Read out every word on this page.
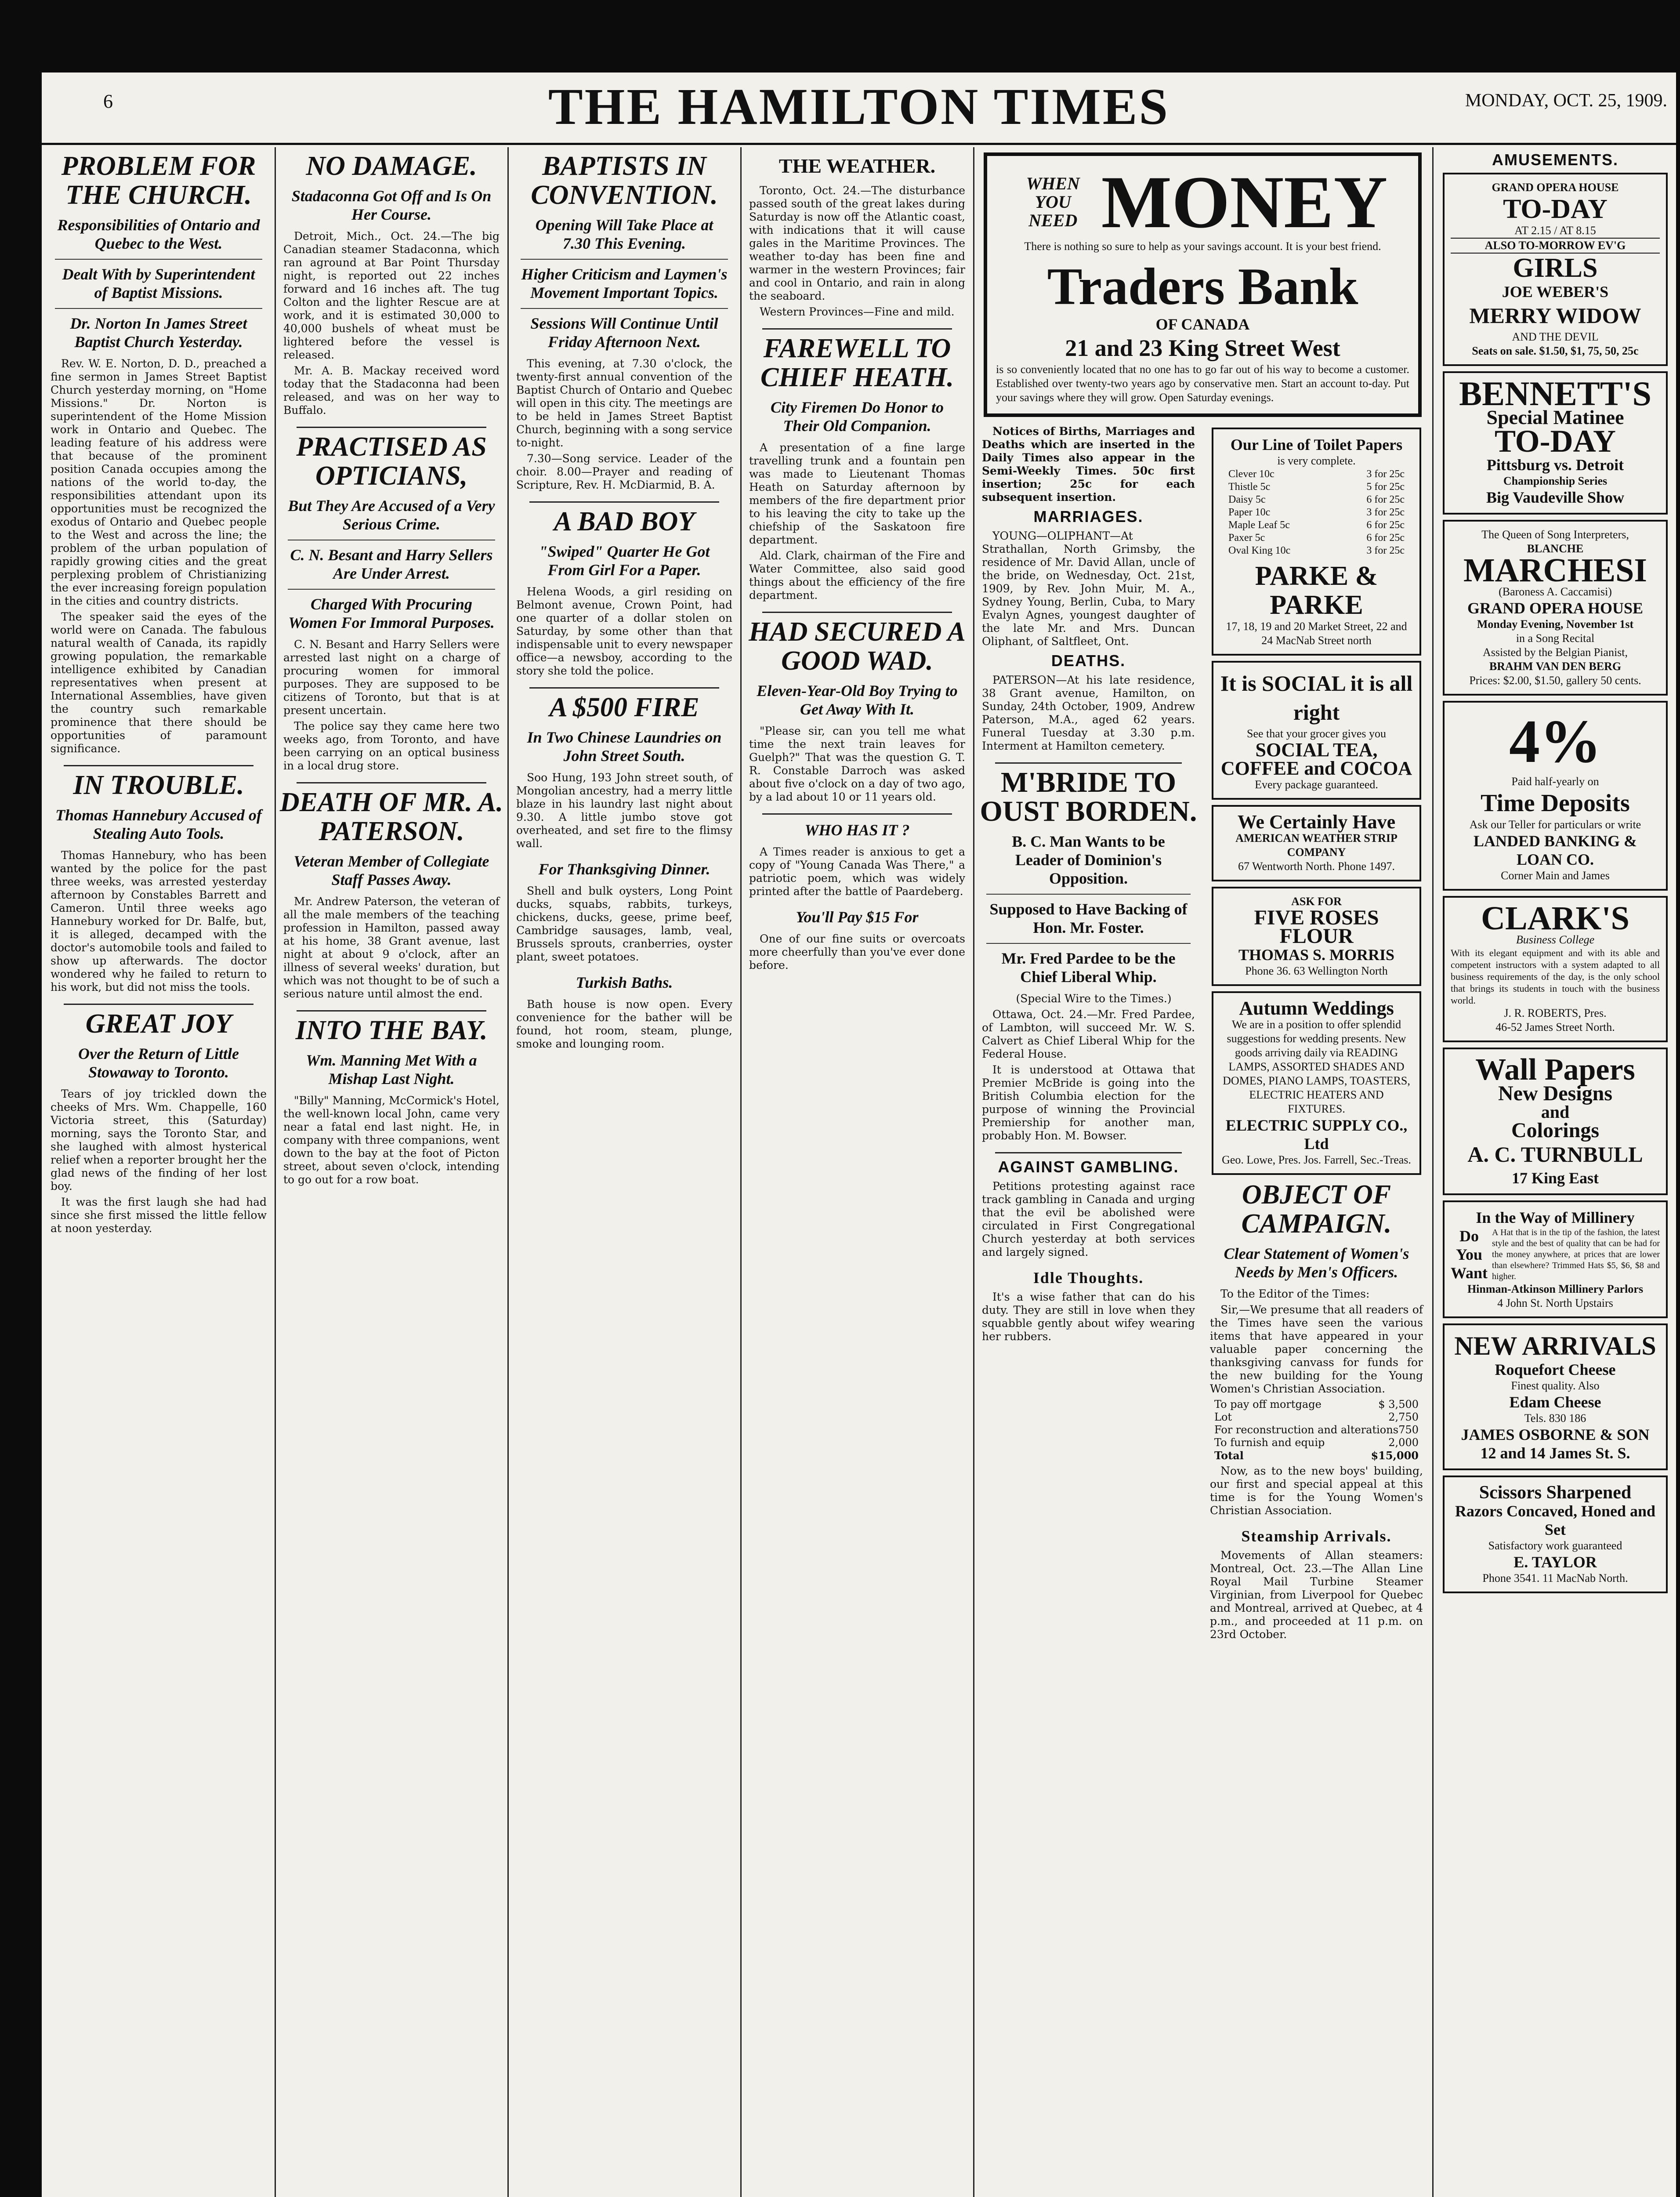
6	THE HAMILTON TIMES	MONDAY, OCT. 25, 1909.
PROBLEM FOR THE CHURCH.
Responsibilities of Ontario and Quebec to the West.
Dealt With by Superintendent of Baptist Missions.
Dr. Norton In James Street Baptist Church Yesterday.

Rev. W. E. Norton, D. D., preached a fine sermon in James Street Baptist Church yesterday morning, on "Home Missions." Dr. Norton is superintendent of the Home Mission work in Ontario and Quebec. The leading feature of his address were that because of the prominent position Canada occupies among the nations of the world to-day, the responsibilities attendant upon its opportunities must be recognized the exodus of Ontario and Quebec people to the West and across the line; the problem of the urban population of rapidly growing cities and the great perplexing problem of Christianizing the ever increasing foreign population in the cities and country districts.

The speaker said the eyes of the world were on Canada. The fabulous natural wealth of Canada, its rapidly growing population, the remarkable intelligence exhibited by Canadian representatives when present at International Assemblies, have given the country such remarkable prominence that there should be opportunities of paramount significance.

IN TROUBLE.
Thomas Hannebury Accused of Stealing Auto Tools.

Thomas Hannebury, who has been wanted by the police for the past three weeks, was arrested yesterday afternoon by Constables Barrett and Cameron. Until three weeks ago Hannebury worked for Dr. Balfe, but, it is alleged, decamped with the doctor's automobile tools and failed to show up afterwards. The doctor wondered why he failed to return to his work, but did not miss the tools.

GREAT JOY
Over the Return of Little Stowaway to Toronto.

Tears of joy trickled down the cheeks of Mrs. Wm. Chappelle, 160 Victoria street, this (Saturday) morning, says the Toronto Star, and she laughed with almost hysterical relief when a reporter brought her the glad news of the finding of her lost boy.

It was the first laugh she had had since she first missed the little fellow at noon yesterday.

NO DAMAGE.
Stadaconna Got Off and Is On Her Course.

Detroit, Mich., Oct. 24.—The big Canadian steamer Stadaconna, which ran aground at Bar Point Thursday night, is reported out 22 inches forward and 16 inches aft. The tug Colton and the lighter Rescue are at work, and it is estimated 30,000 to 40,000 bushels of wheat must be lightered before the vessel is released.

Mr. A. B. Mackay received word today that the Stadaconna had been released, and was on her way to Buffalo.

PRACTISED AS OPTICIANS,
But They Are Accused of a Very Serious Crime.
C. N. Besant and Harry Sellers Are Under Arrest.
Charged With Procuring Women For Immoral Purposes.

C. N. Besant and Harry Sellers were arrested last night on a charge of procuring women for immoral purposes. They are supposed to be citizens of Toronto, but that is at present uncertain.

The police say they came here two weeks ago, from Toronto, and have been carrying on an optical business in a local drug store.

DEATH OF MR. A. PATERSON.
Veteran Member of Collegiate Staff Passes Away.

Mr. Andrew Paterson, the veteran of all the male members of the teaching profession in Hamilton, passed away at his home, 38 Grant avenue, last night at about 9 o'clock, after an illness of several weeks' duration, but which was not thought to be of such a serious nature until almost the end.

INTO THE BAY.
Wm. Manning Met With a Mishap Last Night.

"Billy" Manning, McCormick's Hotel, the well-known local John, came very near a fatal end last night. He, in company with three companions, went down to the bay at the foot of Picton street, about seven o'clock, intending to go out for a row boat.

BAPTISTS IN CONVENTION.
Opening Will Take Place at 7.30 This Evening.
Higher Criticism and Laymen's Movement Important Topics.
Sessions Will Continue Until Friday Afternoon Next.

This evening, at 7.30 o'clock, the twenty-first annual convention of the Baptist Church of Ontario and Quebec will open in this city. The meetings are to be held in James Street Baptist Church, beginning with a song service to-night.

7.30—Song service. Leader of the choir. 8.00—Prayer and reading of Scripture, Rev. H. McDiarmid, B. A.

A BAD BOY
"Swiped" Quarter He Got From Girl For a Paper.

Helena Woods, a girl residing on Belmont avenue, Crown Point, had one quarter of a dollar stolen on Saturday, by some other than that indispensable unit to every newspaper office—a newsboy, according to the story she told the police.

A $500 FIRE
In Two Chinese Laundries on John Street South.

Soo Hung, 193 John street south, of Mongolian ancestry, had a merry little blaze in his laundry last night about 9.30. A little jumbo stove got overheated, and set fire to the flimsy wall.

For Thanksgiving Dinner.

Shell and bulk oysters, Long Point ducks, squabs, rabbits, turkeys, chickens, ducks, geese, prime beef, Cambridge sausages, lamb, veal, Brussels sprouts, cranberries, oyster plant, sweet potatoes.

Turkish Baths.

Bath house is now open. Every convenience for the bather will be found, hot room, steam, plunge, smoke and lounging room.

THE WEATHER.

Toronto, Oct. 24.—The disturbance passed south of the great lakes during Saturday is now off the Atlantic coast, with indications that it will cause gales in the Maritime Provinces. The weather to-day has been fine and warmer in the western Provinces; fair and cool in Ontario, and rain in along the seaboard.

Western Provinces—Fine and mild.

FAREWELL TO CHIEF HEATH.
City Firemen Do Honor to Their Old Companion.

A presentation of a fine large travelling trunk and a fountain pen was made to Lieutenant Thomas Heath on Saturday afternoon by members of the fire department prior to his leaving the city to take up the chiefship of the Saskatoon fire department.

Ald. Clark, chairman of the Fire and Water Committee, also said good things about the efficiency of the fire department.

HAD SECURED A GOOD WAD.
Eleven-Year-Old Boy Trying to Get Away With It.

"Please sir, can you tell me what time the next train leaves for Guelph?" That was the question G. T. R. Constable Darroch was asked about five o'clock on a day of two ago, by a lad about 10 or 11 years old.

WHO HAS IT ?

A Times reader is anxious to get a copy of "Young Canada Was There," a patriotic poem, which was widely printed after the battle of Paardeberg.

You'll Pay $15 For

One of our fine suits or overcoats more cheerfully than you've ever done before.

WHEN YOU NEED MONEY
There is nothing so sure to help as your savings account. It is your best friend.
Traders Bank
OF CANADA
21 and 23 King Street West
is so conveniently located that no one has to go far out of his way to become a customer. Established over twenty-two years ago by conservative men. Start an account to-day. Put your savings where they will grow. Open Saturday evenings.

Notices of Births, Marriages and Deaths which are inserted in the Daily Times also appear in the Semi-Weekly Times. 50c first insertion; 25c for each subsequent insertion.

MARRIAGES.

YOUNG—OLIPHANT—At Strathallan, North Grimsby, the residence of Mr. David Allan, uncle of the bride, on Wednesday, Oct. 21st, 1909, by Rev. John Muir, M. A., Sydney Young, Berlin, Cuba, to Mary Evalyn Agnes, youngest daughter of the late Mr. and Mrs. Duncan Oliphant, of Saltfleet, Ont.

DEATHS.

PATERSON—At his late residence, 38 Grant avenue, Hamilton, on Sunday, 24th October, 1909, Andrew Paterson, M.A., aged 62 years. Funeral Tuesday at 3.30 p.m. Interment at Hamilton cemetery.

M'BRIDE TO OUST BORDEN.
B. C. Man Wants to be Leader of Dominion's Opposition.
Supposed to Have Backing of Hon. Mr. Foster.
Mr. Fred Pardee to be the Chief Liberal Whip.

(Special Wire to the Times.)

Ottawa, Oct. 24.—Mr. Fred Pardee, of Lambton, will succeed Mr. W. S. Calvert as Chief Liberal Whip for the Federal House.

It is understood at Ottawa that Premier McBride is going into the British Columbia election for the purpose of winning the Provincial Premiership for another man, probably Hon. M. Bowser.

AGAINST GAMBLING.

Petitions protesting against race track gambling in Canada and urging that the evil be abolished were circulated in First Congregational Church yesterday at both services and largely signed.

Idle Thoughts.

It's a wise father that can do his duty. They are still in love when they squabble gently about wifey wearing her rubbers.

Our Line of Toilet Papers
is very complete.
Clever 10c	3 for 25c
Thistle 5c	5 for 25c
Daisy 5c	6 for 25c
Paper 10c	3 for 25c
Maple Leaf 5c	6 for 25c
Paxer 5c	6 for 25c
Oval King 10c	3 for 25c
PARKE & PARKE
17, 18, 19 and 20 Market Street, 22 and 24 MacNab Street north
It is SOCIAL it is all right
See that your grocer gives you
SOCIAL TEA, COFFEE and COCOA
Every package guaranteed.
We Certainly Have
AMERICAN WEATHER STRIP COMPANY
67 Wentworth North. Phone 1497.
ASK FOR
FIVE ROSES FLOUR
THOMAS S. MORRIS
Phone 36. 63 Wellington North
Autumn Weddings
We are in a position to offer splendid suggestions for wedding presents. New goods arriving daily via READING LAMPS, ASSORTED SHADES AND DOMES, PIANO LAMPS, TOASTERS, ELECTRIC HEATERS AND FIXTURES.
ELECTRIC SUPPLY CO., Ltd
Geo. Lowe, Pres. Jos. Farrell, Sec.-Treas.
OBJECT OF CAMPAIGN.
Clear Statement of Women's Needs by Men's Officers.

To the Editor of the Times:

Sir,—We presume that all readers of the Times have seen the various items that have appeared in your valuable paper concerning the thanksgiving canvass for funds for the new building for the Young Women's Christian Association.

To pay off mortgage	$ 3,500
Lot	2,750
For reconstruction and alterations 750
To furnish and equip	2,000
Total	$15,000

Now, as to the new boys' building, our first and special appeal at this time is for the Young Women's Christian Association.

Steamship Arrivals.

Movements of Allan steamers: Montreal, Oct. 23.—The Allan Line Royal Mail Turbine Steamer Virginian, from Liverpool for Quebec and Montreal, arrived at Quebec, at 4 p.m., and proceeded at 11 p.m. on 23rd October.

AMUSEMENTS.
GRAND OPERA HOUSE
TO-DAY
AT 2.15 / AT 8.15
ALSO TO-MORROW EV'G
GIRLS
JOE WEBER'S
MERRY WIDOW
AND THE DEVIL
Seats on sale. $1.50, $1, 75, 50, 25c
BENNETT'S
Special Matinee
TO-DAY
Pittsburg vs. Detroit
Championship Series
Big Vaudeville Show
The Queen of Song Interpreters,
BLANCHE
MARCHESI
(Baroness A. Caccamisi)
GRAND OPERA HOUSE
Monday Evening, November 1st
in a Song Recital
Assisted by the Belgian Pianist,
BRAHM VAN DEN BERG
Prices: $2.00, $1.50, gallery 50 cents.
4%
Paid half-yearly on
Time Deposits
Ask our Teller for particulars or write
LANDED BANKING & LOAN CO.
Corner Main and James
CLARK'S
Business College
With its elegant equipment and with its able and competent instructors with a system adapted to all business requirements of the day, is the only school that brings its students in touch with the business world.
J. R. ROBERTS, Pres.
46-52 James Street North.
Wall Papers
New Designs
and
Colorings
A. C. TURNBULL
17 King East
In the Way of Millinery
Do You Want
A Hat that is in the tip of the fashion, the latest style and the best of quality that can be had for the money anywhere, at prices that are lower than elsewhere? Trimmed Hats $5, $6, $8 and higher.
Hinman-Atkinson Millinery Parlors
4 John St. North Upstairs
NEW ARRIVALS
Roquefort Cheese
Finest quality. Also
Edam Cheese
Tels. 830 186
JAMES OSBORNE & SON
12 and 14 James St. S.
Scissors Sharpened
Razors Concaved, Honed and Set
Satisfactory work guaranteed
E. TAYLOR
Phone 3541. 11 MacNab North.
